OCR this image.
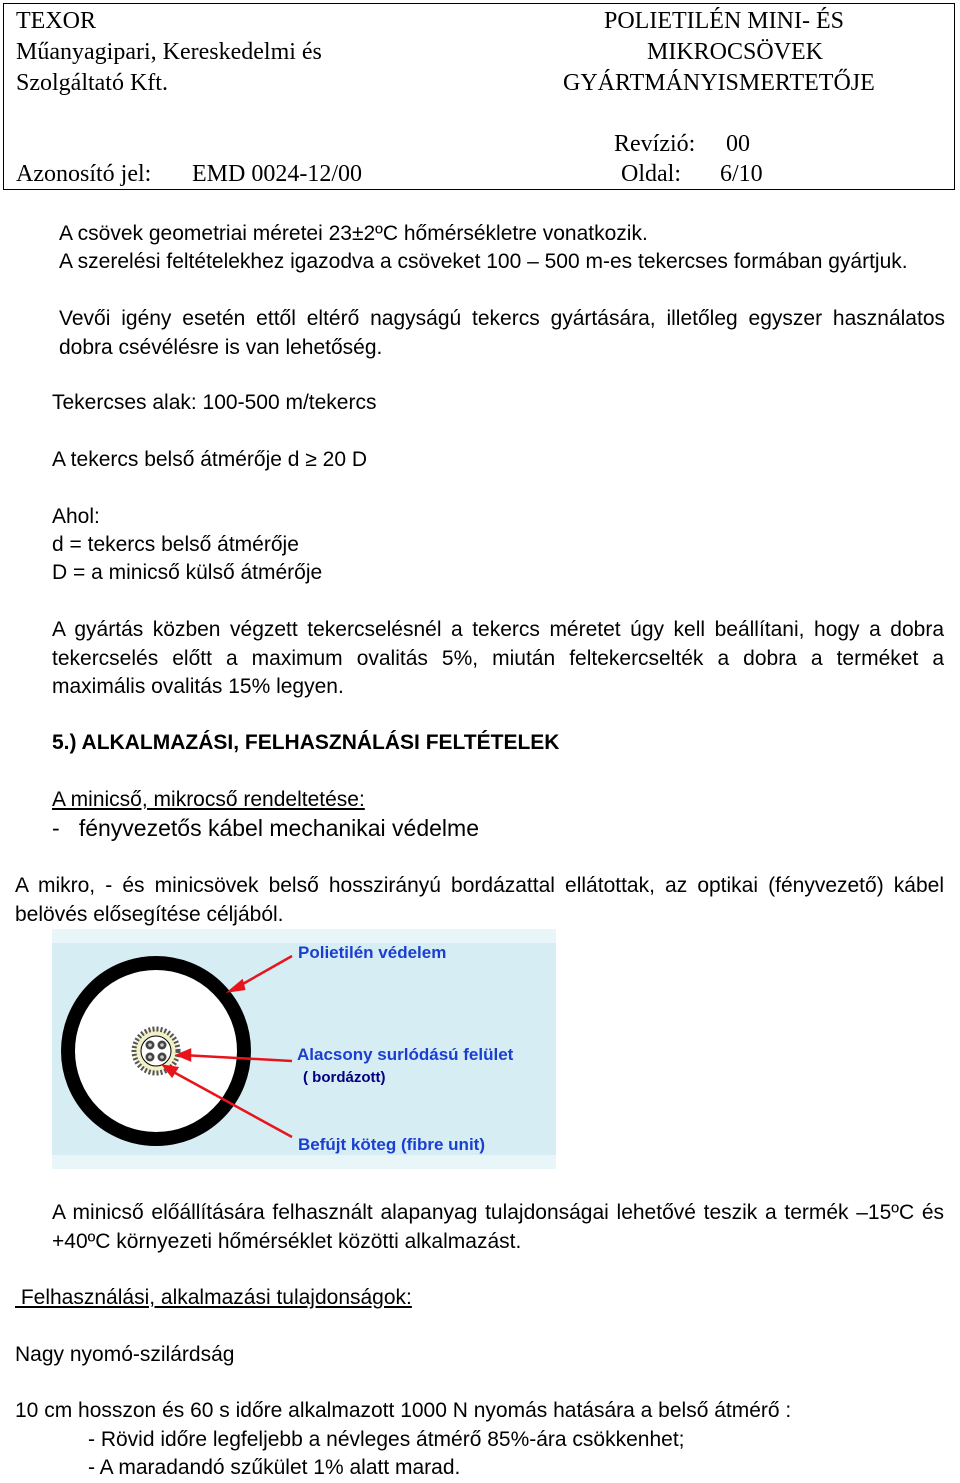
TEXOR
Műanyagipari, Kereskedelmi és
Szolgáltató Kft.
POLIETILÉN MINI- ÉS
MIKROCSÖVEK
GYÁRTMÁNYISMERTETŐJE
Revízió: 00
Azonosító jel: EMD 0024-12/00	Oldal: 6/10
A csövek geometriai méretei 23±2ºC hőmérsékletre vonatkozik.
A szerelési feltételekhez igazodva a csöveket 100 – 500 m-es tekercses formában gyártjuk.
Vevői igény esetén ettől eltérő nagyságú tekercs gyártására, illetőleg egyszer használatos dobra csévélésre is van lehetőség.
Tekercses alak: 100-500 m/tekercs
A tekercs belső átmérője d ≥ 20 D
Ahol:
d = tekercs belső átmérője
D = a minicső külső átmérője
A gyártás közben végzett tekercselésnél a tekercs méretet úgy kell beállítani, hogy a dobra tekercselés előtt a maximum ovalitás 5%, miután feltekercselték a dobra a terméket a maximális ovalitás 15% legyen.
5.) ALKALMAZÁSI, FELHASZNÁLÁSI FELTÉTELEK
A minicső, mikrocső rendeltetése:
-   fényvezetős kábel mechanikai védelme
A mikro, - és minicsövek belső hosszirányú bordázattal ellátottak, az optikai (fényvezető) kábel belövés elősegítése céljából.
Polietilén védelem
Alacsony surlódású felület
( bordázott)
Befújt köteg (fibre unit)
A minicső előállítására felhasznált alapanyag tulajdonságai lehetővé teszik a termék –15ºC és +40ºC környezeti hőmérséklet közötti alkalmazást.
Felhasználási, alkalmazási tulajdonságok:
Nagy nyomó-szilárdság
10 cm hosszon és 60 s időre alkalmazott 1000 N nyomás hatására a belső átmérő :
- Rövid időre legfeljebb a névleges átmérő 85%-ára csökkenhet;
- A maradandó szűkület 1% alatt marad.
